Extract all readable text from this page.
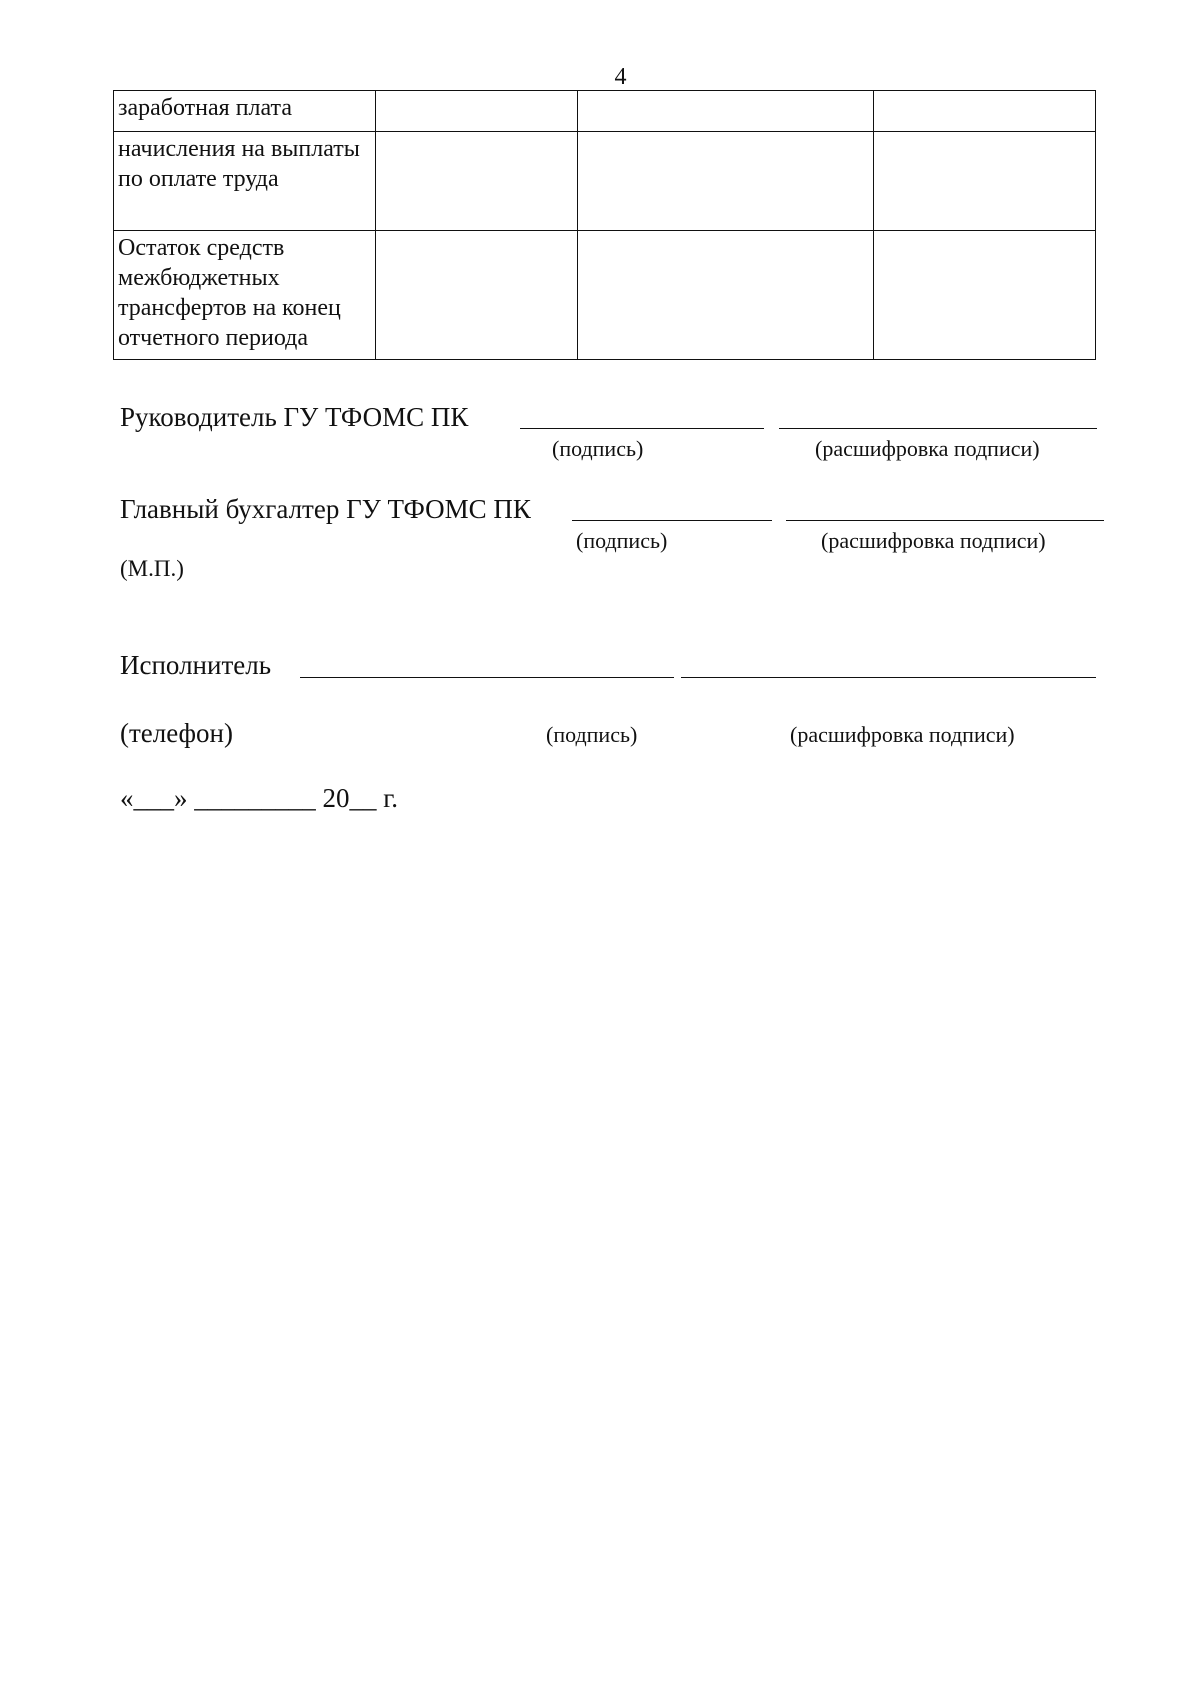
4
заработная плата			
начисления на выплаты по оплате труда			
Остаток средств межбюджетных трансфертов на конец отчетного периода			
Руководитель ГУ ТФОМС ПК
(подпись)	(расшифровка подписи)
Главный бухгалтер ГУ ТФОМС ПК
(подпись)	(расшифровка подписи)
(М.П.)
Исполнитель
(телефон)	(подпись)	(расшифровка подписи)
«___» _________ 20__ г.
